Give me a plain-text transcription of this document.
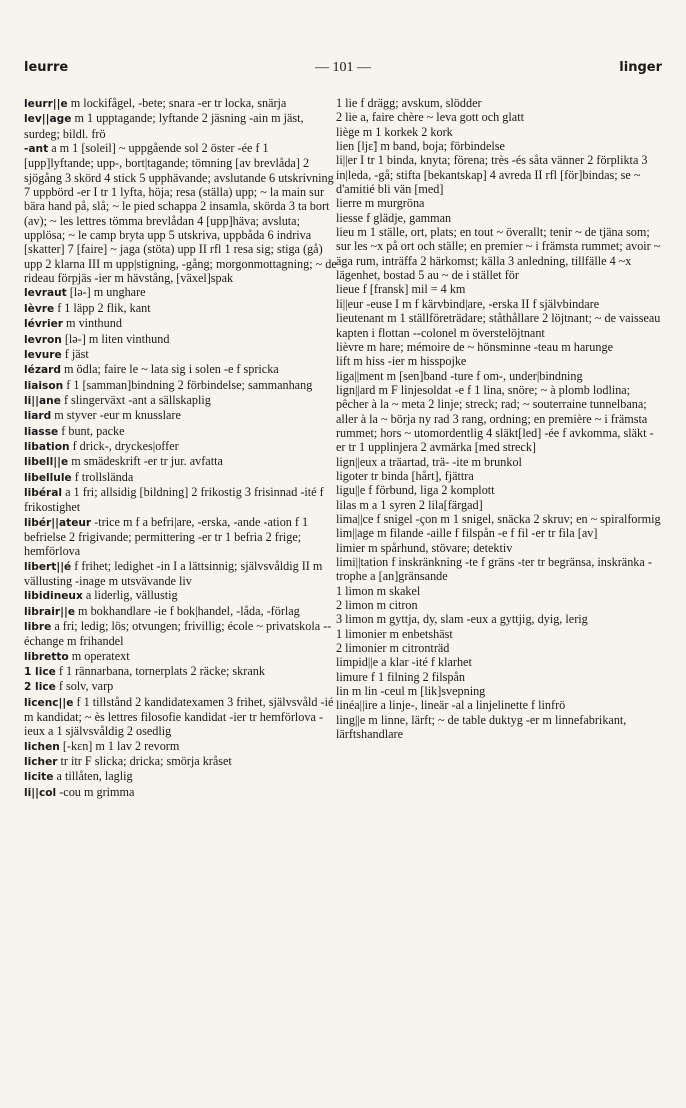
leurre	— 101 —	linger

leurr||e m lockifågel, -bete; snara -er tr locka, snärja

lev||age m 1 upptagande; lyftande 2 jäsning -ain m jäst, surdeg; bildl. frö

-ant a m 1 [soleil] ~ uppgående sol 2 öster -ée f 1 [upp]lyftande; upp-, bort|tagande; tömning [av brevlåda] 2 sjögång 3 skörd 4 stick 5 upphävande; avslutande 6 utskrivning 7 uppbörd -er I tr 1 lyfta, höja; resa (ställa) upp; ~ la main sur bära hand på, slå; ~ le pied schappa 2 insamla, skörda 3 ta bort (av); ~ les lettres tömma brevlådan 4 [upp]häva; avsluta; upplösa; ~ le camp bryta upp 5 utskriva, uppbåda 6 indriva [skatter] 7 [faire] ~ jaga (stöta) upp II rfl 1 resa sig; stiga (gå) upp 2 klarna III m upp|stigning, -gång; morgonmottagning; ~ de rideau förpjäs -ier m hävstång, [växel]spak

levraut [lə-] m unghare

lèvre f 1 läpp 2 flik, kant

lévrier m vinthund

levron [lə-] m liten vinthund

levure f jäst

lézard m ödla; faire le ~ lata sig i solen -e f spricka

liaison f 1 [samman]bindning 2 förbindelse; sammanhang

li||ane f slingerväxt -ant a sällskaplig

liard m styver -eur m knusslare

liasse f bunt, packe

libation f drick-, dryckes|offer

libell||e m smädeskrift -er tr jur. avfatta

libellule f trollslända

libéral a 1 fri; allsidig [bildning] 2 frikostig 3 frisinnad -ité f frikostighet

libér||ateur -trice m f a befri|are, -erska, -ande -ation f 1 befrielse 2 frigivande; permittering -er tr 1 befria 2 frige; hemförlova

libert||é f frihet; ledighet -in I a lättsinnig; självsvåldig II m vällusting -inage m utsvävande liv

libidineux a liderlig, vällustig

librair||e m bokhandlare -ie f bok|handel, -låda, -förlag

libre a fri; ledig; lös; otvungen; frivillig; école ~ privatskola --échange m frihandel

libretto m operatext

1 lice f 1 rännarbana, tornerplats 2 räcke; skrank

2 lice f solv, varp

licenc||e f 1 tillstånd 2 kandidatexamen 3 frihet, självsvåld -ié m kandidat; ~ ès lettres filosofie kandidat -ier tr hemförlova -ieux a 1 självsvåldig 2 osedlig

lichen [-kɛn] m 1 lav 2 revorm

licher tr itr F slicka; dricka; smörja kråset

licite a tillåten, laglig

li||col -cou m grimma

1 lie f drägg; avskum, slödder

2 lie a, faire chère ~ leva gott och glatt

liège m 1 korkek 2 kork

lien [ljɛ̃] m band, boja; förbindelse

li||er I tr 1 binda, knyta; förena; très -és såta vänner 2 förplikta 3 in|leda, -gå; stifta [bekantskap] 4 avreda II rfl [för]bindas; se ~ d'amitié bli vän [med]

lierre m murgröna

liesse f glädje, gamman

lieu m 1 ställe, ort, plats; en tout ~ överallt; tenir ~ de tjäna som; sur les ~x på ort och ställe; en premier ~ i främsta rummet; avoir ~ äga rum, inträffa 2 härkomst; källa 3 anledning, tillfälle 4 ~x lägenhet, bostad 5 au ~ de i stället för

lieue f [fransk] mil = 4 km

li||eur -euse I m f kärvbind|are, -erska II f självbindare

lieutenant m 1 ställföreträdare; ståthållare 2 löjtnant; ~ de vaisseau kapten i flottan --colonel m överstelöjtnant

lièvre m hare; mémoire de ~ hönsminne -teau m harunge

lift m hiss -ier m hisspojke

liga||ment m [sen]band -ture f om-, under|bindning

lign||ard m F linjesoldat -e f 1 lina, snöre; ~ à plomb lodlina; pêcher à la ~ meta 2 linje; streck; rad; ~ souterraine tunnelbana; aller à la ~ börja ny rad 3 rang, ordning; en première ~ i främsta rummet; hors ~ utomordentlig 4 släkt[led] -ée f avkomma, släkt -er tr 1 upplinjera 2 avmärka [med streck]

lign||eux a träartad, trä- -ite m brunkol

ligoter tr binda [hårt], fjättra

ligu||e f förbund, liga 2 komplott

lilas m a 1 syren 2 lila[färgad]

lima||ce f snigel -çon m 1 snigel, snäcka 2 skruv; en ~ spiralformig

lim||age m filande -aille f filspån -e f fil -er tr fila [av]

limier m spårhund, stövare; detektiv

limi||tation f inskränkning -te f gräns -ter tr begränsa, inskränka -trophe a [an]gränsande

1 limon m skakel

2 limon m citron

3 limon m gyttja, dy, slam -eux a gyttjig, dyig, lerig

1 limonier m enbetshäst

2 limonier m citronträd

limpid||e a klar -ité f klarhet

limure f 1 filning 2 filspån

lin m lin -ceul m [lik]svepning

linéa||ire a linje-, lineär -al a linjelinette f linfrö

ling||e m linne, lärft; ~ de table duktyg -er m linnefabrikant, lärftshandlare
